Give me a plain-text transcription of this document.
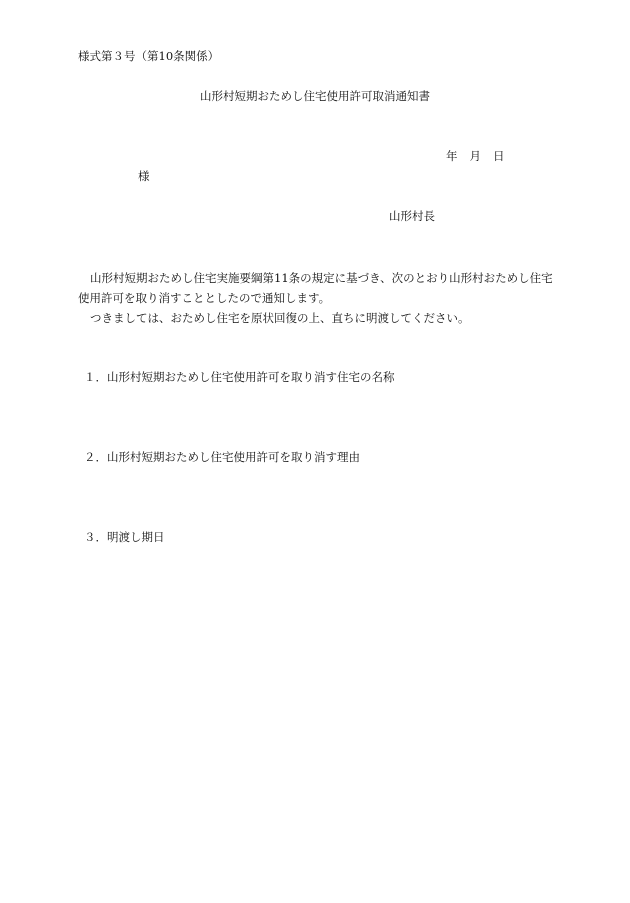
様式第３号（第10条関係）
山形村短期おためし住宅使用許可取消通知書
年 月 日
様
山形村長

山形村短期おためし住宅実施要綱第11条の規定に基づき、次のとおり山形村おためし住宅使用許可を取り消すこととしたので通知します。

つきましては、おためし住宅を原状回復の上、直ちに明渡してください。

１．山形村短期おためし住宅使用許可を取り消す住宅の名称
２．山形村短期おためし住宅使用許可を取り消す理由
３．明渡し期日
